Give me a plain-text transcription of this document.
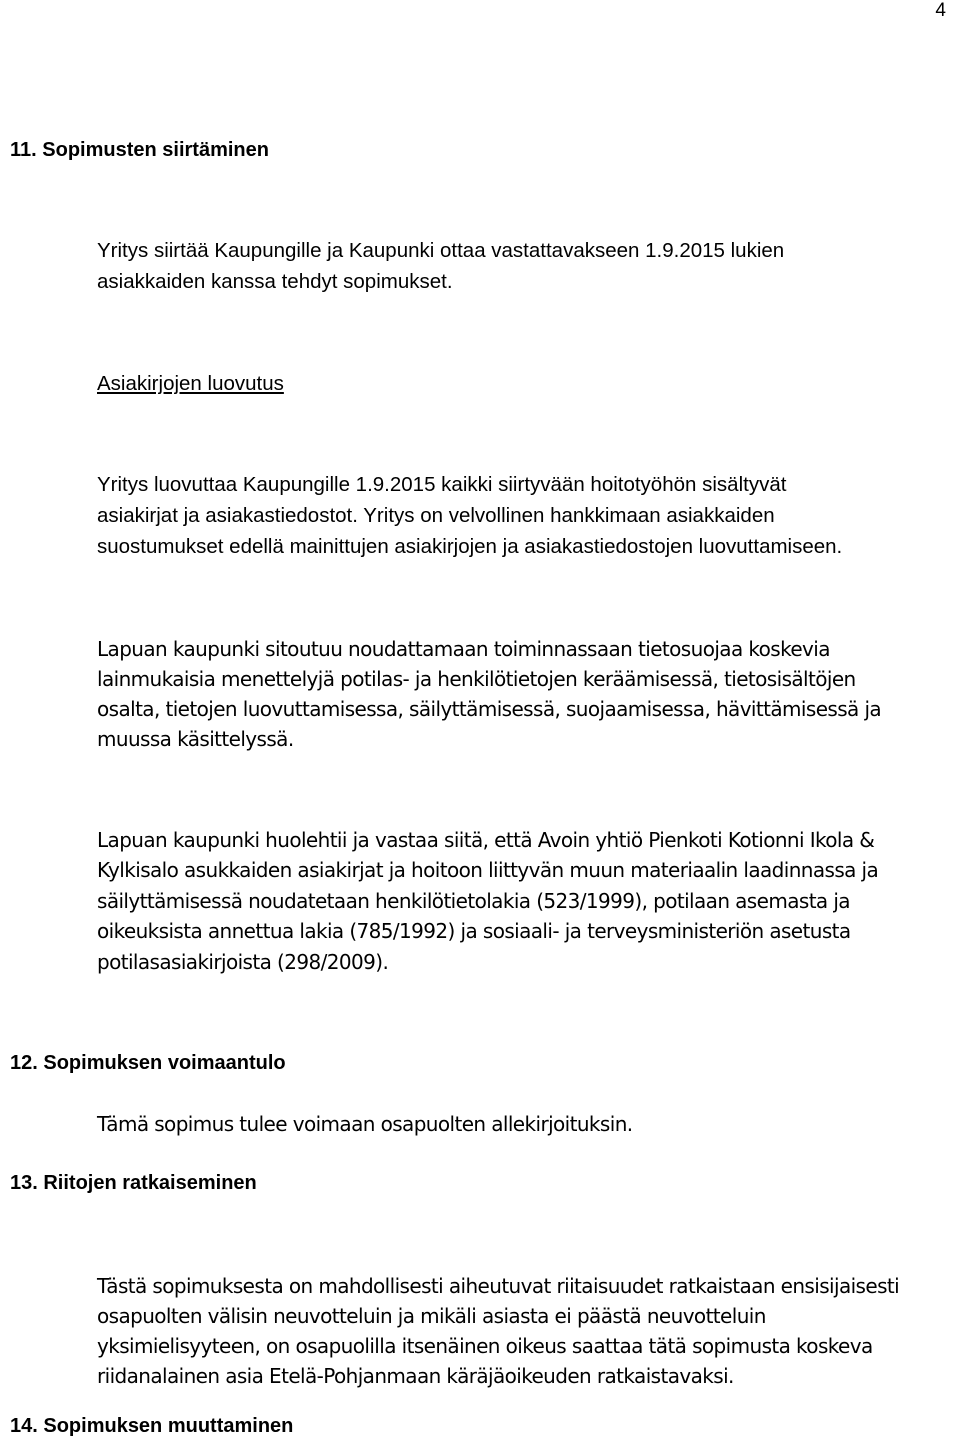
4
11. Sopimusten siirtäminen
Yritys siirtää Kaupungille ja Kaupunki ottaa vastattavakseen 1.9.2015 lukien
asiakkaiden kanssa tehdyt sopimukset.
Asiakirjojen luovutus
Yritys luovuttaa Kaupungille 1.9.2015 kaikki siirtyvään hoitotyöhön sisältyvät
asiakirjat ja asiakastiedostot. Yritys on velvollinen hankkimaan asiakkaiden
suostumukset edellä mainittujen asiakirjojen ja asiakastiedostojen luovuttamiseen.
Lapuan kaupunki sitoutuu noudattamaan toiminnassaan tietosuojaa koskevia
lainmukaisia menettelyjä potilas- ja henkilötietojen keräämisessä, tietosisältöjen
osalta, tietojen luovuttamisessa, säilyttämisessä, suojaamisessa, hävittämisessä ja
muussa käsittelyssä.
Lapuan kaupunki huolehtii ja vastaa siitä, että Avoin yhtiö Pienkoti Kotionni Ikola &
Kylkisalo asukkaiden asiakirjat ja hoitoon liittyvän muun materiaalin laadinnassa ja
säilyttämisessä noudatetaan henkilötietolakia (523/1999), potilaan asemasta ja
oikeuksista annettua lakia (785/1992) ja sosiaali- ja terveysministeriön asetusta
potilasasiakirjoista (298/2009).
12. Sopimuksen voimaantulo
Tämä sopimus tulee voimaan osapuolten allekirjoituksin.
13. Riitojen ratkaiseminen
Tästä sopimuksesta on mahdollisesti aiheutuvat riitaisuudet ratkaistaan ensisijaisesti
osapuolten välisin neuvotteluin ja mikäli asiasta ei päästä neuvotteluin
yksimielisyyteen, on osapuolilla itsenäinen oikeus saattaa tätä sopimusta koskeva
riidanalainen asia Etelä-Pohjanmaan käräjäoikeuden ratkaistavaksi.
14. Sopimuksen muuttaminen
